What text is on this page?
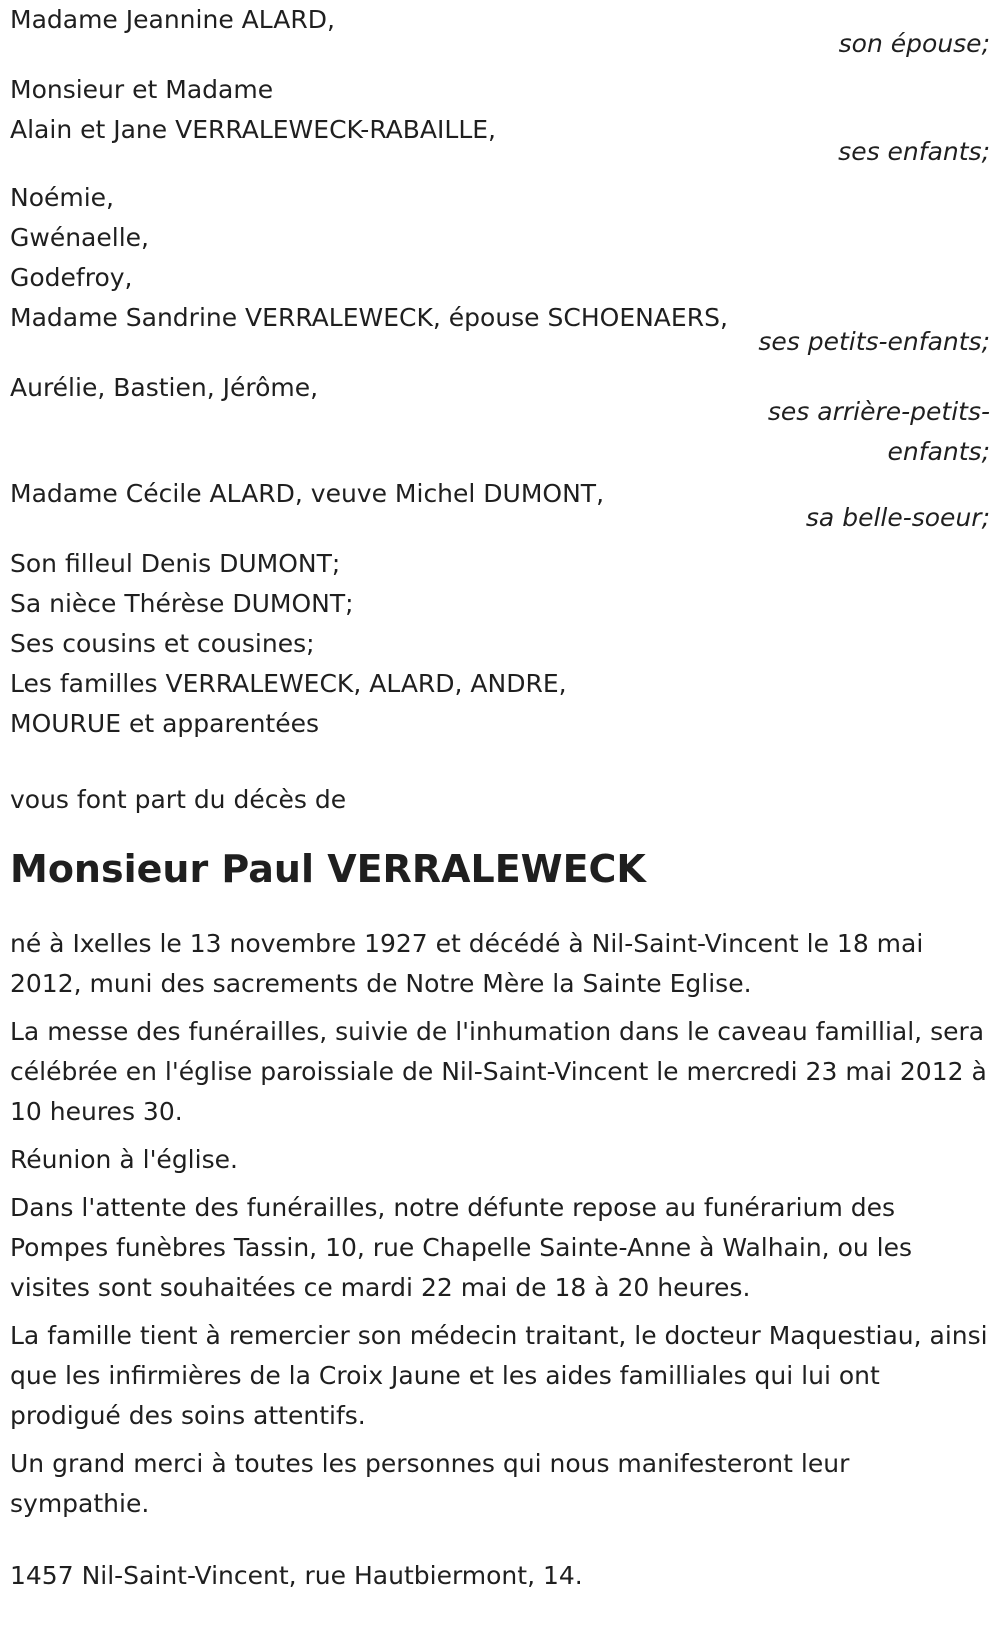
Madame Jeannine ALARD,
son épouse;
Monsieur et Madame
Alain et Jane VERRALEWECK-RABAILLE,
ses enfants;
Noémie,
Gwénaelle,
Godefroy,
Madame Sandrine VERRALEWECK, épouse SCHOENAERS,
ses petits-enfants;
Aurélie, Bastien, Jérôme,
ses arrière-petits-
enfants;
Madame Cécile ALARD, veuve Michel DUMONT,
sa belle-soeur;
Son filleul Denis DUMONT;
Sa nièce Thérèse DUMONT;
Ses cousins et cousines;
Les familles VERRALEWECK, ALARD, ANDRE,
MOURUE et apparentées
vous font part du décès de
Monsieur Paul VERRALEWECK

né à Ixelles le 13 novembre 1927 et décédé à Nil-Saint-Vincent le 18 mai 2012, muni des sacrements de Notre Mère la Sainte Eglise.

La messe des funérailles, suivie de l'inhumation dans le caveau famillial, sera célébrée en l'église paroissiale de Nil-Saint-Vincent le mercredi 23 mai 2012 à 10 heures 30.

Réunion à l'église.

Dans l'attente des funérailles, notre défunte repose au funérarium des Pompes funèbres Tassin, 10, rue Chapelle Sainte-Anne à Walhain, ou les visites sont souhaitées ce mardi 22 mai de 18 à 20 heures.

La famille tient à remercier son médecin traitant, le docteur Maquestiau, ainsi que les infirmières de la Croix Jaune et les aides familliales qui lui ont prodigué des soins attentifs.

Un grand merci à toutes les personnes qui nous manifesteront leur sympathie.

1457 Nil-Saint-Vincent, rue Hautbiermont, 14.
